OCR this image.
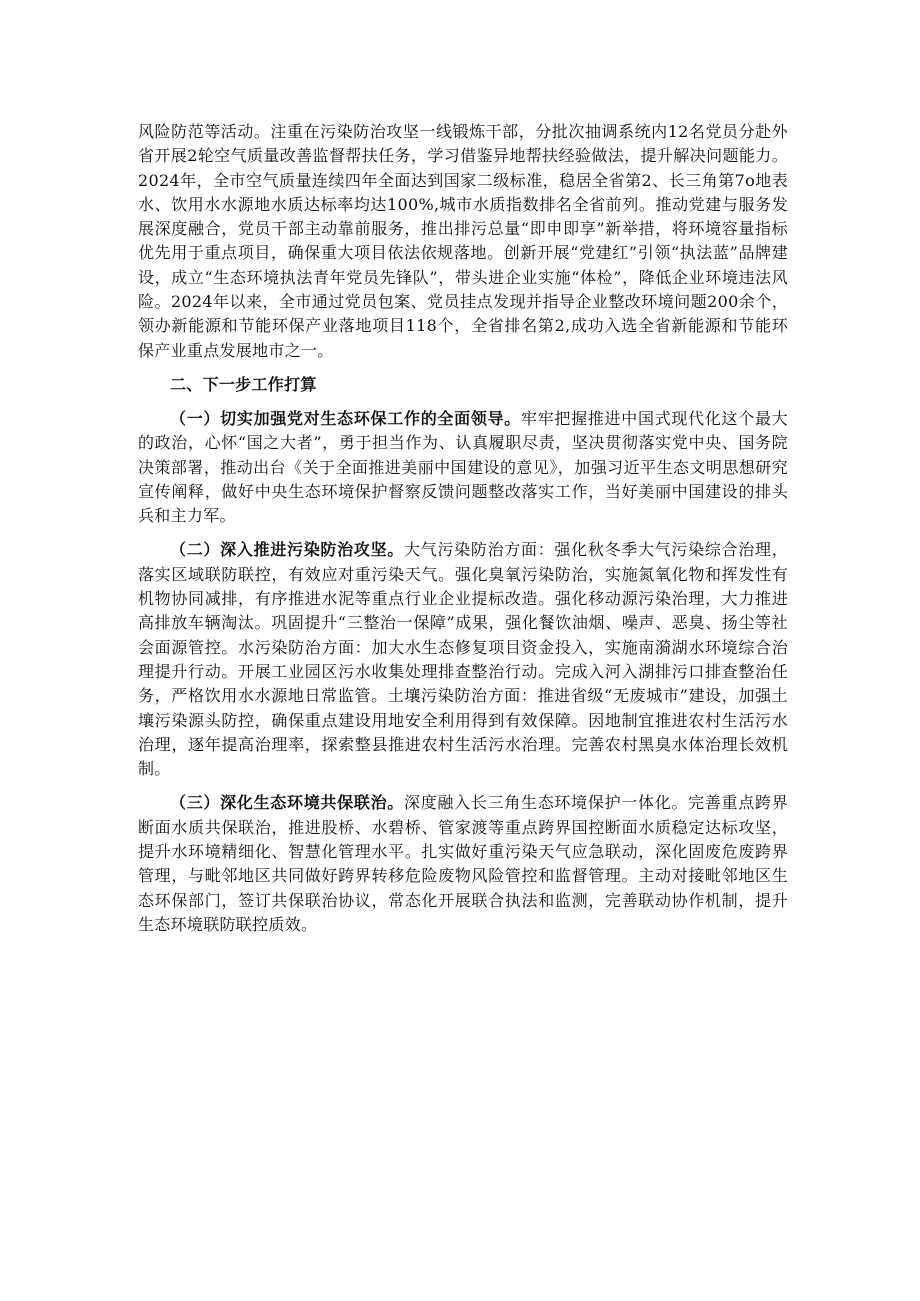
风险防范等活动。注重在污染防治攻坚一线锻炼干部，分批次抽调系统内12名党员分赴外省开展2轮空气质量改善监督帮扶任务，学习借鉴异地帮扶经验做法，提升解决问题能力。2024年，全市空气质量连续四年全面达到国家二级标准，稳居全省第2、长三角第7o地表水、饮用水水源地水质达标率均达100%,城市水质指数排名全省前列。推动党建与服务发展深度融合，党员干部主动靠前服务，推出排污总量“即申即享”新举措，将环境容量指标优先用于重点项目，确保重大项目依法依规落地。创新开展“党建红”引领“执法蓝”品牌建设，成立“生态环境执法青年党员先锋队”，带头进企业实施“体检”，降低企业环境违法风险。2024年以来，全市通过党员包案、党员挂点发现并指导企业整改环境问题200余个，领办新能源和节能环保产业落地项目118个，全省排名第2,成功入选全省新能源和节能环保产业重点发展地市之一。

二、下一步工作打算

（一）切实加强党对生态环保工作的全面领导。牢牢把握推进中国式现代化这个最大的政治，心怀“国之大者”，勇于担当作为、认真履职尽责，坚决贯彻落实党中央、国务院决策部署，推动出台《关于全面推进美丽中国建设的意见》，加强习近平生态文明思想研究宣传阐释，做好中央生态环境保护督察反馈问题整改落实工作，当好美丽中国建设的排头兵和主力军。

（二）深入推进污染防治攻坚。大气污染防治方面：强化秋冬季大气污染综合治理，落实区域联防联控，有效应对重污染天气。强化臭氧污染防治，实施氮氧化物和挥发性有机物协同减排，有序推进水泥等重点行业企业提标改造。强化移动源污染治理，大力推进高排放车辆淘汰。巩固提升“三整治一保障”成果，强化餐饮油烟、噪声、恶臭、扬尘等社会面源管控。水污染防治方面：加大水生态修复项目资金投入，实施南漪湖水环境综合治理提升行动。开展工业园区污水收集处理排查整治行动。完成入河入湖排污口排查整治任务，严格饮用水水源地日常监管。土壤污染防治方面：推进省级“无废城市”建设，加强土壤污染源头防控，确保重点建设用地安全利用得到有效保障。因地制宜推进农村生活污水治理，逐年提高治理率，探索整县推进农村生活污水治理。完善农村黑臭水体治理长效机制。

（三）深化生态环境共保联治。深度融入长三角生态环境保护一体化。完善重点跨界断面水质共保联治，推进股桥、水碧桥、管家渡等重点跨界国控断面水质稳定达标攻坚，提升水环境精细化、智慧化管理水平。扎实做好重污染天气应急联动，深化固废危废跨界管理，与毗邻地区共同做好跨界转移危险废物风险管控和监督管理。主动对接毗邻地区生态环保部门，签订共保联治协议，常态化开展联合执法和监测，完善联动协作机制，提升生态环境联防联控质效。
